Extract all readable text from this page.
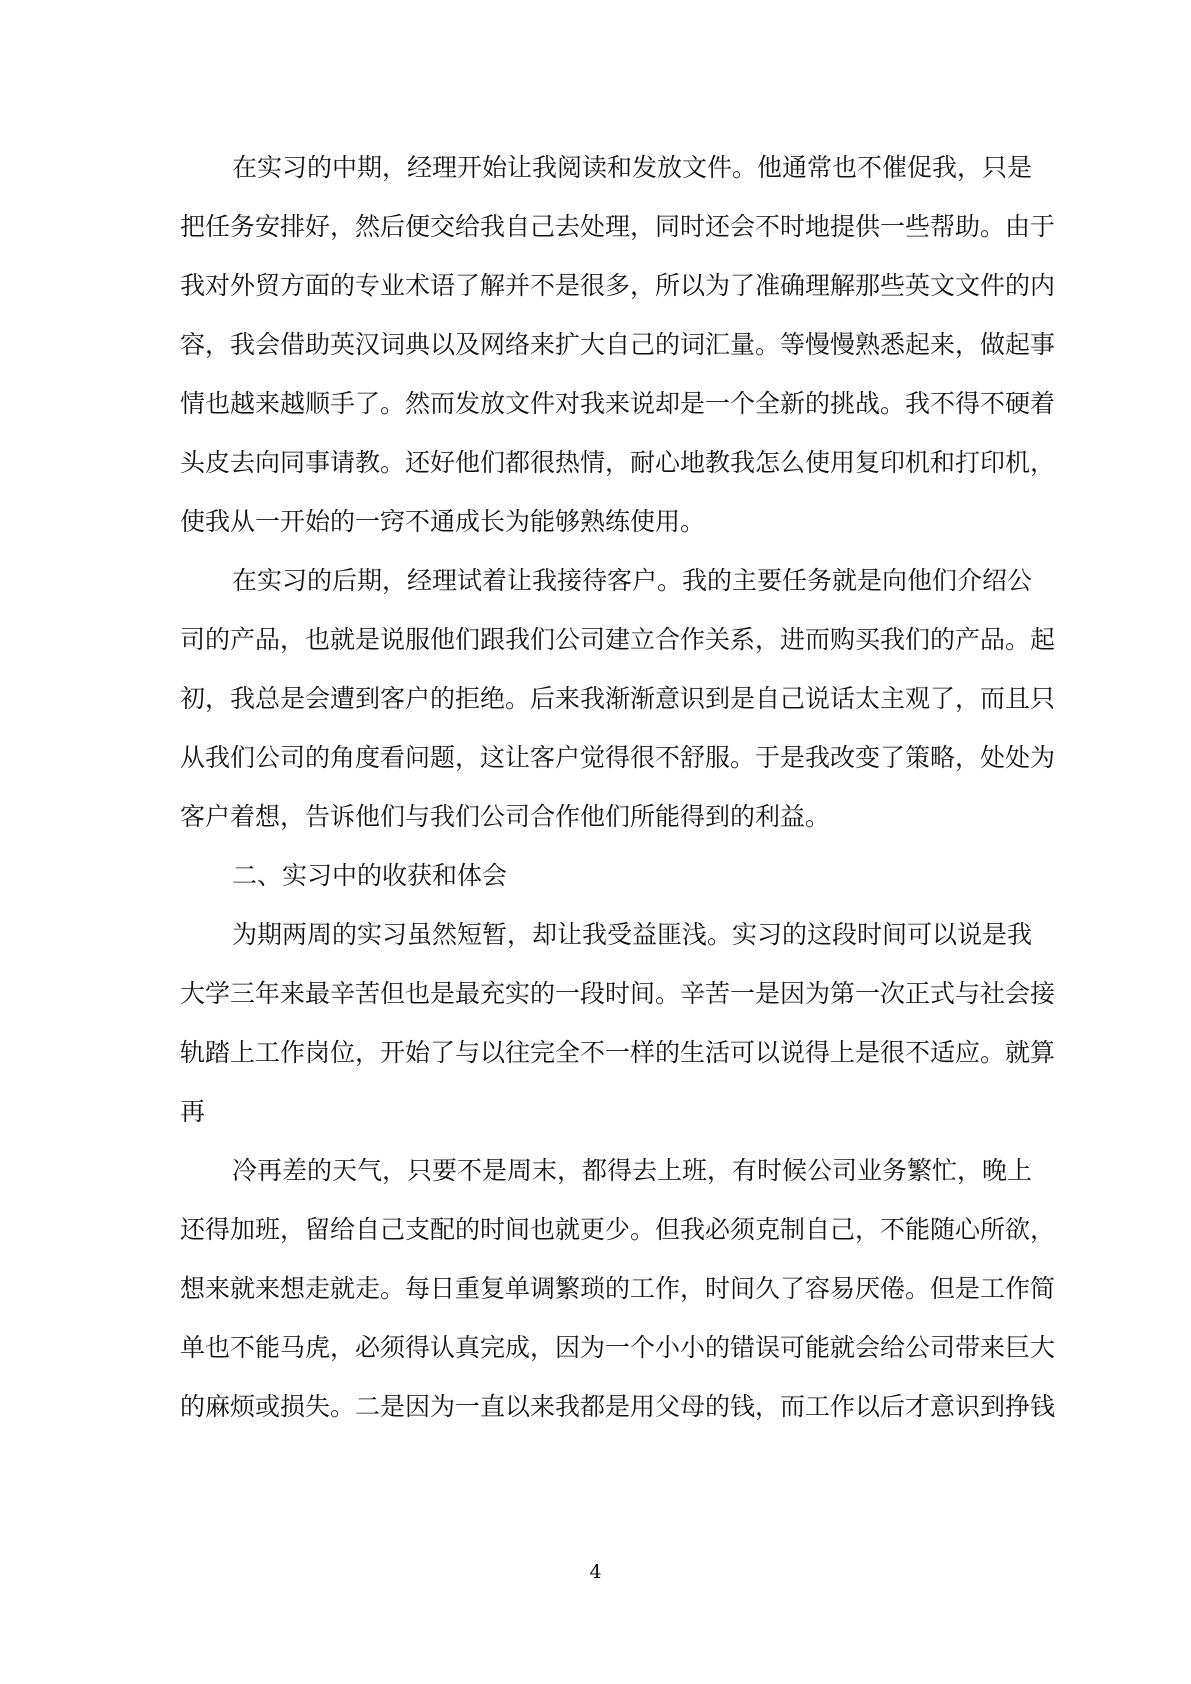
在实习的中期，经理开始让我阅读和发放文件。他通常也不催促我，只是
把任务安排好，然后便交给我自己去处理，同时还会不时地提供一些帮助。由于
我对外贸方面的专业术语了解并不是很多，所以为了准确理解那些英文文件的内
容，我会借助英汉词典以及网络来扩大自己的词汇量。等慢慢熟悉起来，做起事
情也越来越顺手了。然而发放文件对我来说却是一个全新的挑战。我不得不硬着
头皮去向同事请教。还好他们都很热情，耐心地教我怎么使用复印机和打印机，
使我从一开始的一窍不通成长为能够熟练使用。
在实习的后期，经理试着让我接待客户。我的主要任务就是向他们介绍公
司的产品，也就是说服他们跟我们公司建立合作关系，进而购买我们的产品。起
初，我总是会遭到客户的拒绝。后来我渐渐意识到是自己说话太主观了，而且只
从我们公司的角度看问题，这让客户觉得很不舒服。于是我改变了策略，处处为
客户着想，告诉他们与我们公司合作他们所能得到的利益。
二、实习中的收获和体会
为期两周的实习虽然短暂，却让我受益匪浅。实习的这段时间可以说是我
大学三年来最辛苦但也是最充实的一段时间。辛苦一是因为第一次正式与社会接
轨踏上工作岗位，开始了与以往完全不一样的生活可以说得上是很不适应。就算
再
冷再差的天气，只要不是周末，都得去上班，有时候公司业务繁忙，晚上
还得加班，留给自己支配的时间也就更少。但我必须克制自己，不能随心所欲，
想来就来想走就走。每日重复单调繁琐的工作，时间久了容易厌倦。但是工作简
单也不能马虎，必须得认真完成，因为一个小小的错误可能就会给公司带来巨大
的麻烦或损失。二是因为一直以来我都是用父母的钱，而工作以后才意识到挣钱
4
